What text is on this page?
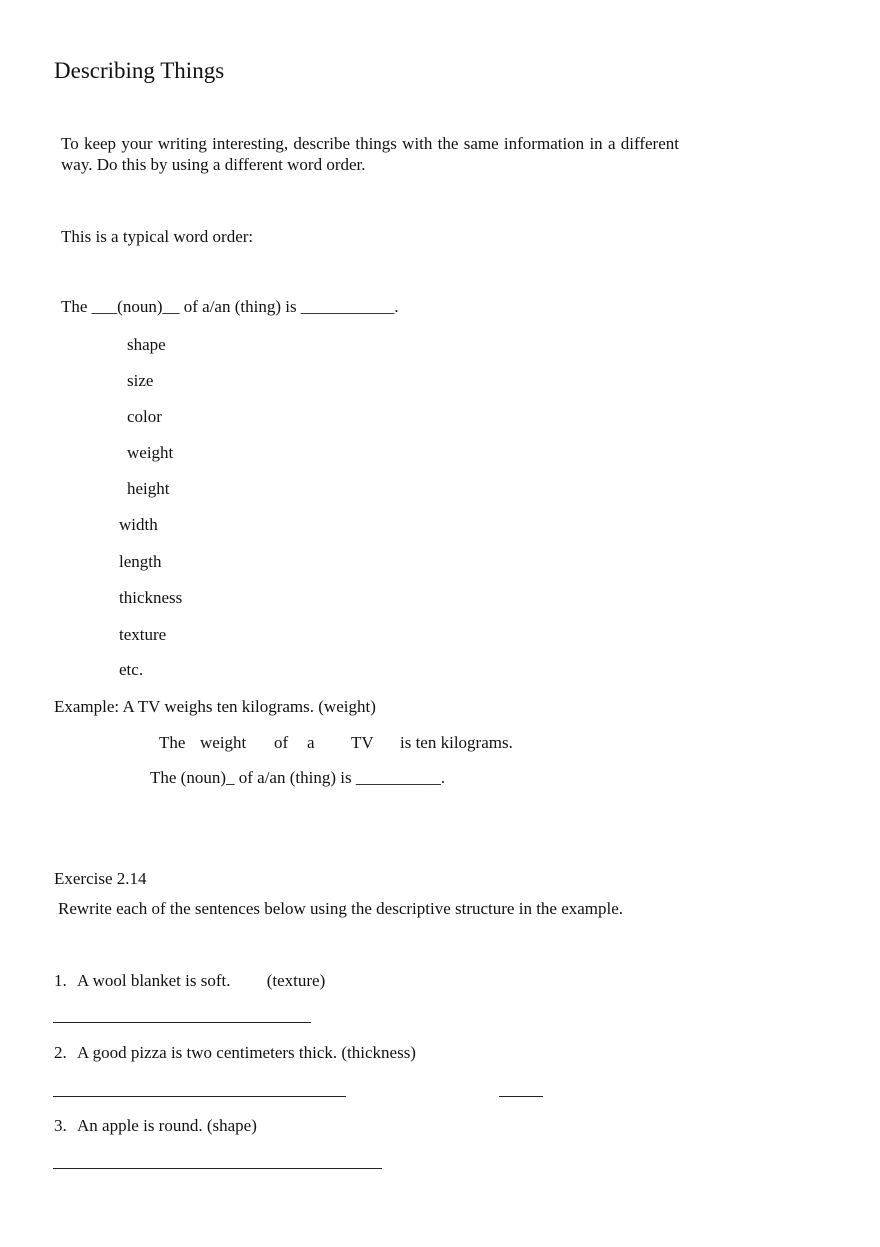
Describing Things
To keep your writing interesting, describe things with the same information in a different way. Do this by using a different word order.
This is a typical word order:
The ___(noun)__ of a/an (thing) is ___________.
shape
size
color
weight
height
width
length
thickness
texture
etc.
Example: A TV weighs ten kilograms. (weight)
The weight of a TV is ten kilograms.
The (noun)_ of a/an (thing) is __________.
Exercise 2.14
Rewrite each of the sentences below using the descriptive structure in the example.
1. A wool blanket is soft. (texture)
2. A good pizza is two centimeters thick. (thickness)
3. An apple is round. (shape)
